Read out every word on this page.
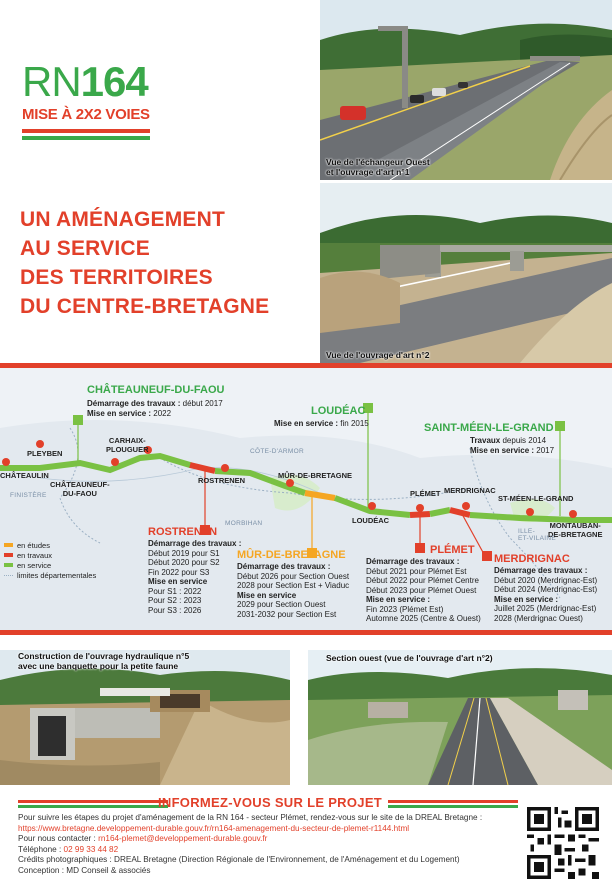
RN164
MISE À 2X2 VOIES
UN AMÉNAGEMENT
AU SERVICE
DES TERRITOIRES
DU CENTRE-BRETAGNE
Vue de l'échangeur Ouest
et l'ouvrage d'art n°1
Vue de l'ouvrage d'art n°2
CHÂTEAULIN
PLEYBEN
CHÂTEAUNEUF-
DU-FAOU
CARHAIX-
PLOUGUER
ROSTRENEN
MÛR-DE-BRETAGNE
LOUDÉAC
PLÉMET MERDRIGNAC
ST-MÉEN-LE-GRAND
MONTAUBAN-
DE-BRETAGNE
FINISTÈRE
CÔTE-D'ARMOR
MORBIHAN
ILLE-
ET-VILAINE
CHÂTEAUNEUF-DU-FAOU
Démarrage des travaux : début 2017
Mise en service : 2022	LOUDÉAC
Mise en service : fin 2015	SAINT-MÉEN-LE-GRAND
Travaux depuis 2014
Mise en service : 2017
ROSTRENEN
Démarrage des travaux :
Début 2019 pour S1
Début 2020 pour S2
Fin 2022 pour S3
Mise en service
Pour S1 : 2022
Pour S2 : 2023
Pour S3 : 2026
MÛR-DE-BRETAGNE
Démarrage des travaux :
Début 2026 pour Section Ouest
2028 pour Section Est + Viaduc
Mise en service
2029 pour Section Ouest
2031-2032 pour Section Est
PLÉMET
Démarrage des travaux :
Début 2021 pour Plémet Est
Début 2022 pour Plémet Centre
Début 2023 pour Plémet Ouest
Mise en service :
Fin 2023 (Plémet Est)
Automne 2025 (Centre & Ouest)
MERDRIGNAC
Démarrage des travaux :
Début 2020 (Merdrignac-Est)
Début 2024 (Merdrignac-Est)
Mise en service :
Juillet 2025 (Merdrignac-Est)
2028 (Merdrignac Ouest)
en études
en travaux
en service
limites départementales
Construction de l'ouvrage hydraulique n°5
avec une banquette pour la petite faune
Section ouest (vue de l'ouvrage d'art n°2)
INFORMEZ-VOUS SUR LE PROJET
Pour suivre les étapes du projet d'aménagement de la RN 164 - secteur Plémet, rendez-vous sur le site de la DREAL Bretagne :
https://www.bretagne.developpement-durable.gouv.fr/rn164-amenagement-du-secteur-de-plemet-r1144.html
Pour nous contacter : rn164-plemet@developpement-durable.gouv.fr
Téléphone : 02 99 33 44 82
Crédits photographiques : DREAL Bretagne (Direction Régionale de l'Environnement, de l'Aménagement et du Logement)
Conception : MD Conseil & associés
